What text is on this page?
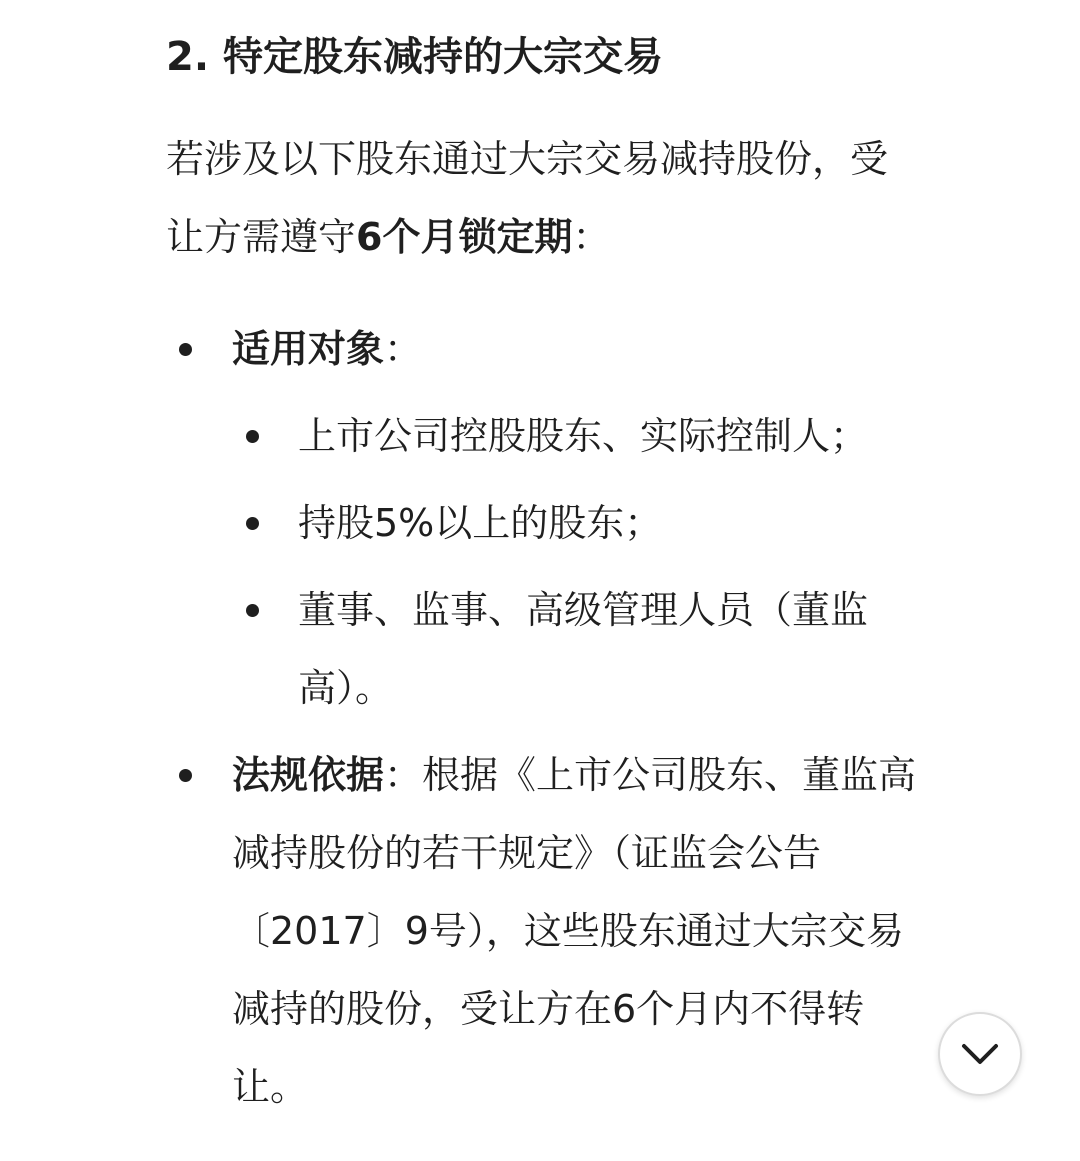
2. 特定股东减持的大宗交易

若涉及以下股东通过大宗交易减持股份，受
让方需遵守6个月锁定期：

适用对象：

上市公司控股股东、实际控制人；

持股5%以上的股东；

董事、监事、高级管理人员（董监
高）。

法规依据：根据《上市公司股东、董监高
减持股份的若干规定》（证监会公告
〔2017〕9号），这些股东通过大宗交易
减持的股份，受让方在6个月内不得转
让。
